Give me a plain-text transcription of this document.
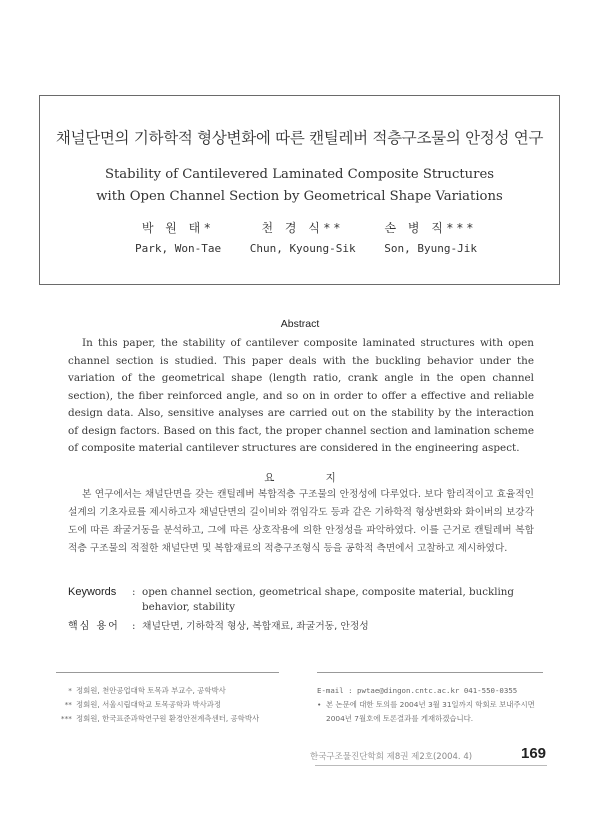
채널단면의 기하학적 형상변화에 따른 캔틸레버 적층구조물의 안정성 연구
Stability of Cantilevered Laminated Composite Structures
with Open Channel Section by Geometrical Shape Variations
박 원 태*
Park, Won-Tae
천 경 식**
Chun, Kyoung-Sik
손 병 직***
Son, Byung-Jik
Abstract
In this paper, the stability of cantilever composite laminated structures with open channel section is studied. This paper deals with the buckling behavior under the variation of the geometrical shape (length ratio, crank angle in the open channel section), the fiber reinforced angle, and so on in order to offer a effective and reliable design data. Also, sensitive analyses are carried out on the stability by the interaction of design factors. Based on this fact, the proper channel section and lamination scheme of composite material cantilever structures are considered in the engineering aspect.
요 지
본 연구에서는 채널단면을 갖는 캔틸레버 복합적층 구조물의 안정성에 다루었다. 보다 합리적이고 효율적인 설계의 기초자료를 제시하고자 채널단면의 길이비와 꺾임각도 등과 같은 기하학적 형상변화와 화이버의 보강각도에 따른 좌굴거동을 분석하고, 그에 따른 상호작용에 의한 안정성을 파악하였다. 이를 근거로 캔틸레버 복합적층 구조물의 적절한 채널단면 및 복합재료의 적층구조형식 등을 공학적 측면에서 고찰하고 제시하였다.
Keywords	: open channel section, geometrical shape, composite material, buckling behavior, stability
핵심 용어	: 채널단면, 기하학적 형상, 복합재료, 좌굴거동, 안정성
* 정회원, 천안공업대학 토목과 부교수, 공학박사
** 정회원, 서울시립대학교 토목공학과 박사과정
*** 정회원, 한국표준과학연구원 환경안전계측센터, 공학박사
E-mail : pwtae@dingon.cntc.ac.kr 041-550-0355
• 본 논문에 대한 토의를 2004년 3월 31일까지 학회로 보내주시면 2004년 7월호에 토론결과를 게재하겠습니다.
한국구조물진단학회 제8권 제2호(2004. 4)	169
